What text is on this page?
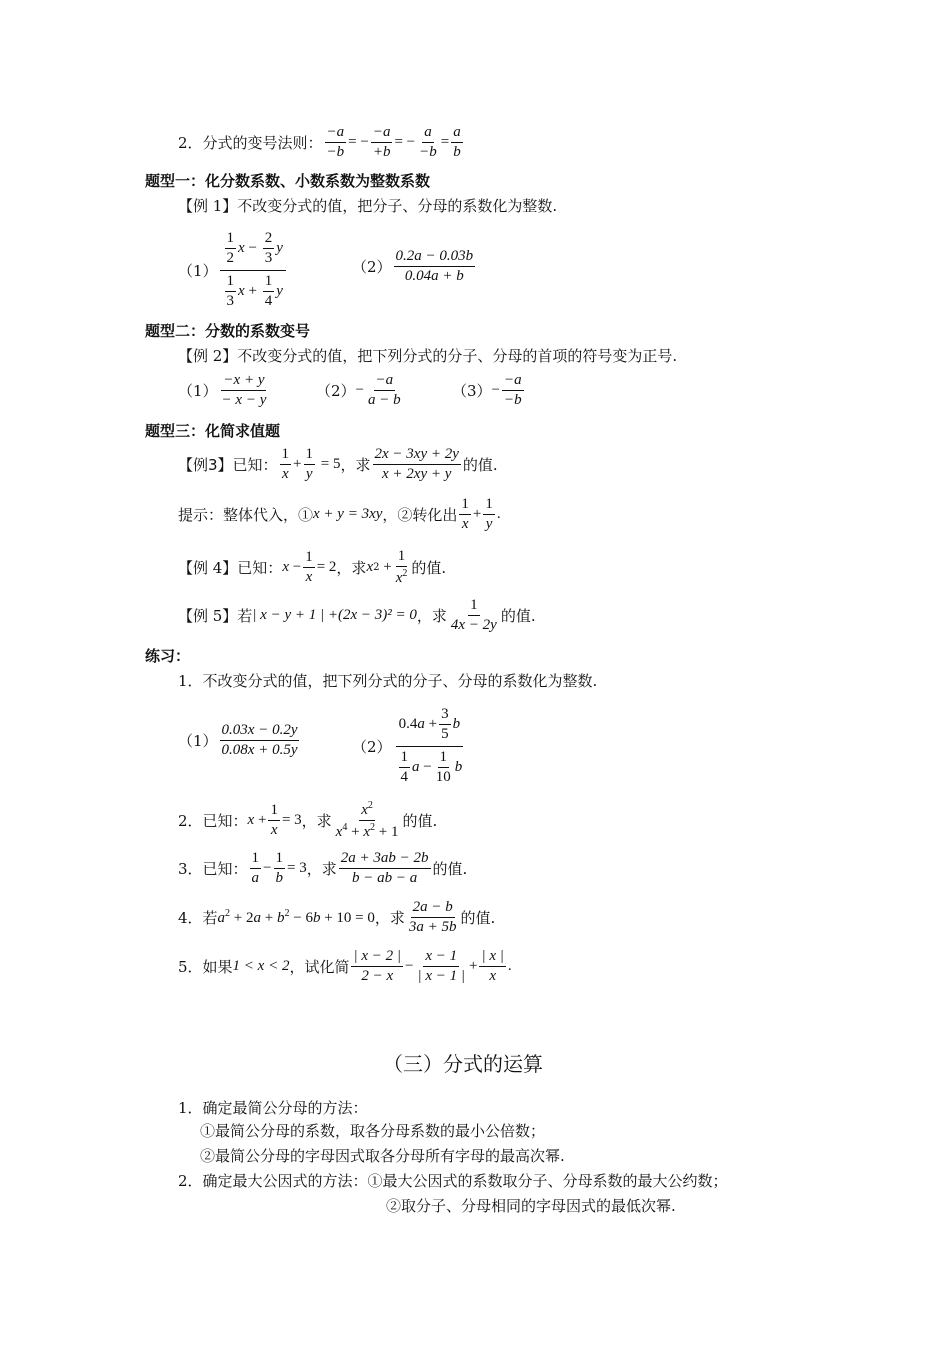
2．分式的变号法则： $\frac{-a}{-b}$ = − $\frac{-a}{+b}$ = − $\frac{a}{-b} = \frac{a}{b}$
题型一：化分数系数、小数系数为整数系数
【例 1】不改变分式的值，把分子、分母的系数化为整数.
$(1) \frac{\frac{1}{2} x - \frac{2}{3} y}{\frac{1}{3} x + \frac{1}{4} y}$	$(2) \frac{0.2a - 0.03b}{0.04a + b}$
题型二：分数的系数变号
【例 2】不改变分式的值，把下列分式的分子、分母的首项的符号变为正号.
$(1) \frac{-x + y}{- x - y}$	$(2) - \frac{-a}{a - b}$	$(3) - \frac{-a}{-b}$
题型三：化简求值题
【例3】已知： $\frac{1}{x} + \frac{1}{y} = 5$ ，求 $\frac{2x - 3xy + 2y}{x + 2xy + y}$ 的值.
提示：整体代入，① x + y = 3xy ，②转化出 $\frac{1}{x} + \frac{1}{y}$ .
【例 4】已知： $x - \frac{1}{x} = 2$ ，求 x $2 + \frac{1}{x^2}$ 的值.
【例 5】若 | x − y + 1 | +(2x − 3)² = 0 ，求 $\frac{1}{4x - 2y}$ 的值.
练习：
1．不改变分式的值，把下列分式的分子、分母的系数化为整数.
$(1) \frac{0.03x - 0.2y}{0.08x + 0.5y}$	$(2) \frac{0.4 a + \frac{3}{5} b}{\frac{1}{4} a - \frac{1}{10} b}$
2．已知： $x + \frac{1}{x} = 3$ ，求 $\frac{x^2}{x^4 + x^2 + 1}$ 的值.
3．已知： $\frac{1}{a} - \frac{1}{b} = 3$ ，求 $\frac{2a + 3ab - 2b}{b - ab - a}$ 的值.
4．若 $a^2 + 2a + b^2 - 6b + 10 = 0$ ，求 $\frac{2a - b}{3a + 5b}$ 的值.
5．如果 1 < x < 2 ，试化简 $\frac{| x - 2 |}{2 - x} - \frac{x - 1}{| x - 1 |} + \frac{| x |}{x}$ .
（三）分式的运算
1．确定最简公分母的方法：
①最简公分母的系数，取各分母系数的最小公倍数；
②最简公分母的字母因式取各分母所有字母的最高次幂.
2．确定最大公因式的方法：①最大公因式的系数取分子、分母系数的最大公约数；
②取分子、分母相同的字母因式的最低次幂.
